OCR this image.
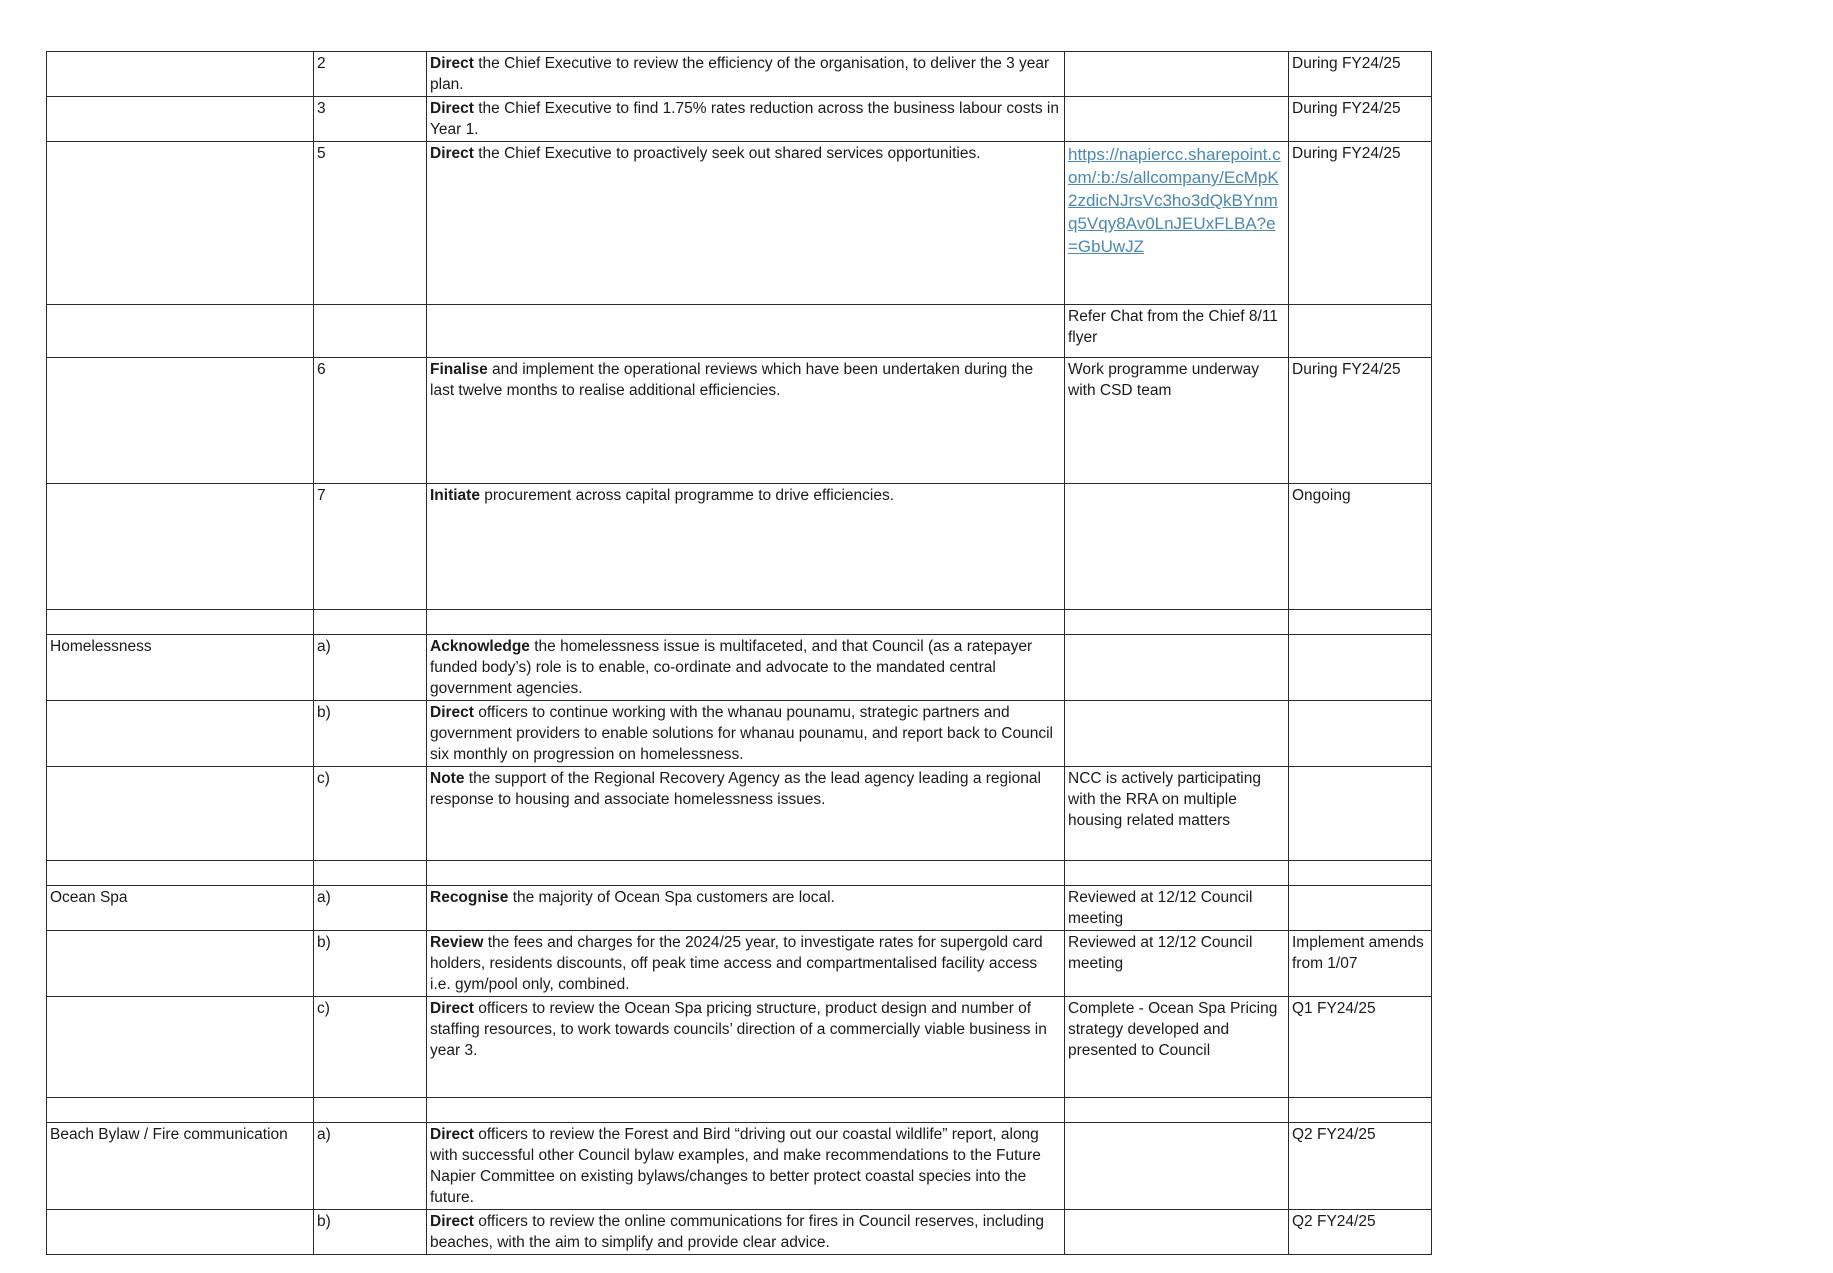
	2	Direct the Chief Executive to review the efficiency of the organisation, to deliver the 3 year plan.		During FY24/25
	3	Direct the Chief Executive to find 1.75% rates reduction across the business labour costs in Year 1.		During FY24/25
	5	Direct the Chief Executive to proactively seek out shared services opportunities.	https://napiercc.sharepoint.com/:b:/s/allcompany/EcMpK2zdicNJrsVc3ho3dQkBYnmq5Vqy8Av0LnJEUxFLBA?e=GbUwJZ	During FY24/25
			Refer Chat from the Chief 8/11 flyer	
	6	Finalise and implement the operational reviews which have been undertaken during the last twelve months to realise additional efficiencies.	Work programme underway with CSD team	During FY24/25
	7	Initiate procurement across capital programme to drive efficiencies.		Ongoing

Homelessness	a)	Acknowledge the homelessness issue is multifaceted, and that Council (as a ratepayer funded body’s) role is to enable, co-ordinate and advocate to the mandated central government agencies.		
	b)	Direct officers to continue working with the whanau pounamu, strategic partners and government providers to enable solutions for whanau pounamu, and report back to Council six monthly on progression on homelessness.		
	c)	Note the support of the Regional Recovery Agency as the lead agency leading a regional response to housing and associate homelessness issues.	NCC is actively participating with the RRA on multiple housing related matters	

Ocean Spa	a)	Recognise the majority of Ocean Spa customers are local.	Reviewed at 12/12 Council meeting	
	b)	Review the fees and charges for the 2024/25 year, to investigate rates for supergold card holders, residents discounts, off peak time access and compartmentalised facility access i.e. gym/pool only, combined.	Reviewed at 12/12 Council meeting	Implement amends from 1/07
	c)	Direct officers to review the Ocean Spa pricing structure, product design and number of staffing resources, to work towards councils’ direction of a commercially viable business in year 3.	Complete - Ocean Spa Pricing strategy developed and presented to Council	Q1 FY24/25

Beach Bylaw / Fire communication	a)	Direct officers to review the Forest and Bird “driving out our coastal wildlife” report, along with successful other Council bylaw examples, and make recommendations to the Future Napier Committee on existing bylaws/changes to better protect coastal species into the future.		Q2 FY24/25
	b)	Direct officers to review the online communications for fires in Council reserves, including beaches, with the aim to simplify and provide clear advice.		Q2 FY24/25
